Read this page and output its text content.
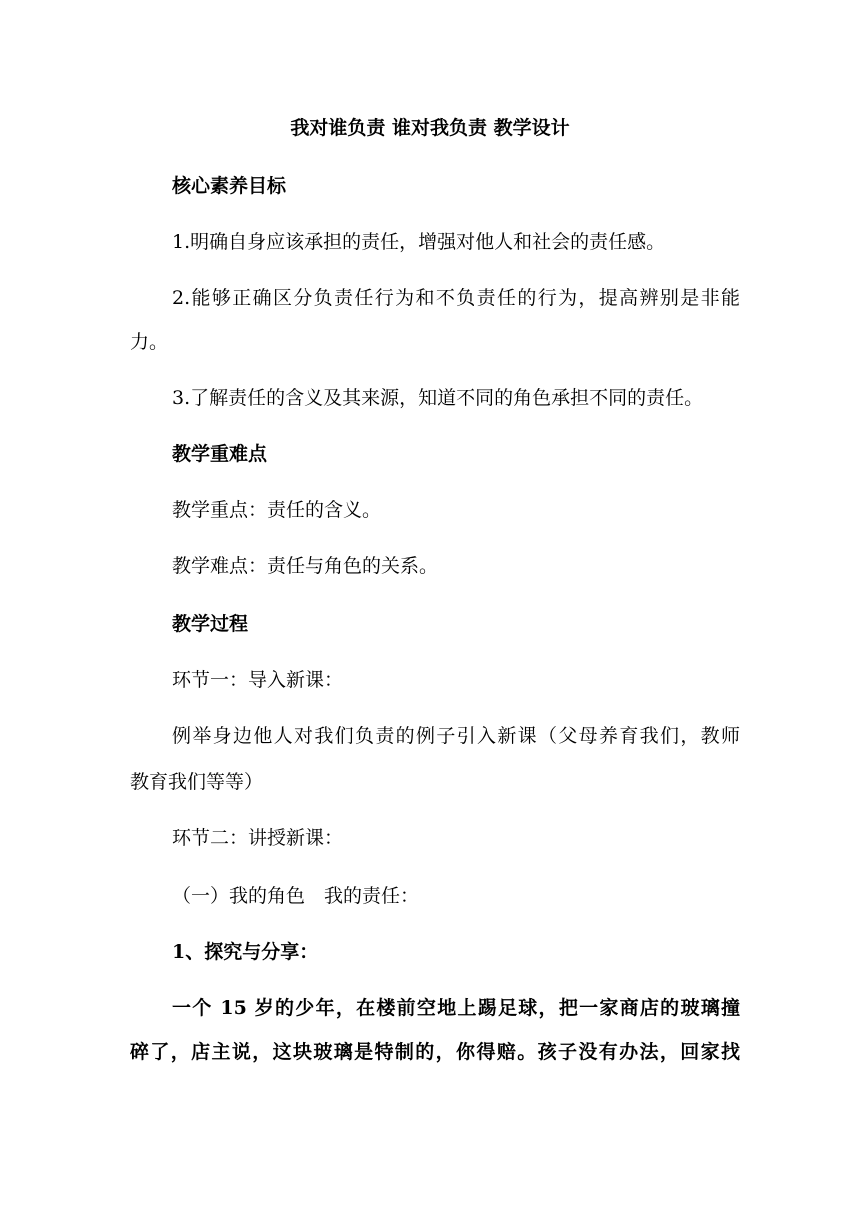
我对谁负责 谁对我负责 教学设计
核心素养目标
1.明确自身应该承担的责任，增强对他人和社会的责任感。
2.能够正确区分负责任行为和不负责任的行为，提高辨别是非能
力。
3.了解责任的含义及其来源，知道不同的角色承担不同的责任。
教学重难点
教学重点：责任的含义。
教学难点：责任与角色的关系。
教学过程
环节一：导入新课：
例举身边他人对我们负责的例子引入新课（父母养育我们，教师
教育我们等等）
环节二：讲授新课：
（一）我的角色　我的责任：
1、探究与分享：
一个 15 岁的少年，在楼前空地上踢足球，把一家商店的玻璃撞
碎了，店主说，这块玻璃是特制的，你得赔。孩子没有办法，回家找
